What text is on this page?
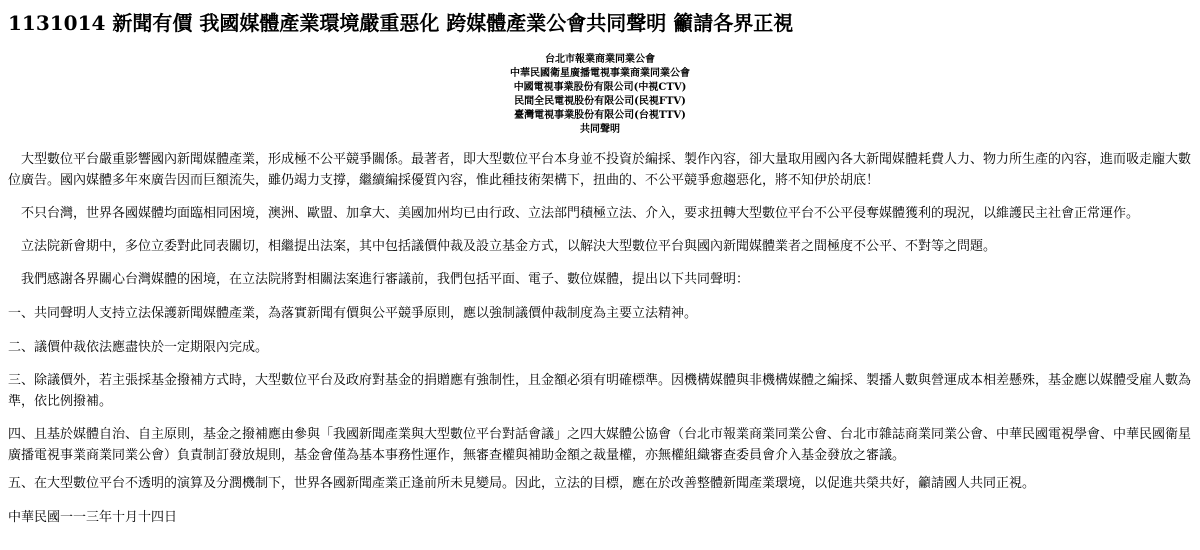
1131014 新聞有價 我國媒體產業環境嚴重惡化 跨媒體產業公會共同聲明 籲請各界正視
台北市報業商業同業公會
中華民國衛星廣播電視事業商業同業公會
中國電視事業股份有限公司(中視CTV)
民間全民電視股份有限公司(民視FTV)
臺灣電視事業股份有限公司(台視TTV)
共同聲明

大型數位平台嚴重影響國內新聞媒體產業，形成極不公平競爭關係。最著者，即大型數位平台本身並不投資於編採、製作內容，卻大量取用國內各大新聞媒體耗費人力、物力所生產的內容，進而吸走龐大數位廣告。國內媒體多年來廣告因而巨額流失，雖仍竭力支撐，繼續編採優質內容，惟此種技術架構下，扭曲的、不公平競爭愈趨惡化，將不知伊於胡底！

不只台灣，世界各國媒體均面臨相同困境，澳洲、歐盟、加拿大、美國加州均已由行政、立法部門積極立法、介入，要求扭轉大型數位平台不公平侵奪媒體獲利的現況，以維護民主社會正常運作。

立法院新會期中，多位立委對此同表關切，相繼提出法案，其中包括議價仲裁及設立基金方式，以解決大型數位平台與國內新聞媒體業者之間極度不公平、不對等之問題。

我們感謝各界關心台灣媒體的困境，在立法院將對相關法案進行審議前，我們包括平面、電子、數位媒體，提出以下共同聲明：

一、共同聲明人支持立法保護新聞媒體產業，為落實新聞有價與公平競爭原則，應以強制議價仲裁制度為主要立法精神。

二、議價仲裁依法應盡快於一定期限內完成。

三、除議價外，若主張採基金撥補方式時，大型數位平台及政府對基金的捐贈應有強制性，且金額必須有明確標準。因機構媒體與非機構媒體之編採、製播人數與營運成本相差懸殊，基金應以媒體受雇人數為準，依比例撥補。

四、且基於媒體自治、自主原則，基金之撥補應由參與「我國新聞產業與大型數位平台對話會議」之四大媒體公協會（台北市報業商業同業公會、台北市雜誌商業同業公會、中華民國電視學會、中華民國衛星廣播電視事業商業同業公會）負責制訂發放規則，基金會僅為基本事務性運作，無審查權與補助金額之裁量權，亦無權組織審查委員會介入基金發放之審議。

五、在大型數位平台不透明的演算及分潤機制下，世界各國新聞產業正逢前所未見變局。因此，立法的目標，應在於改善整體新聞產業環境，以促進共榮共好，籲請國人共同正視。

中華民國一一三年十月十四日
